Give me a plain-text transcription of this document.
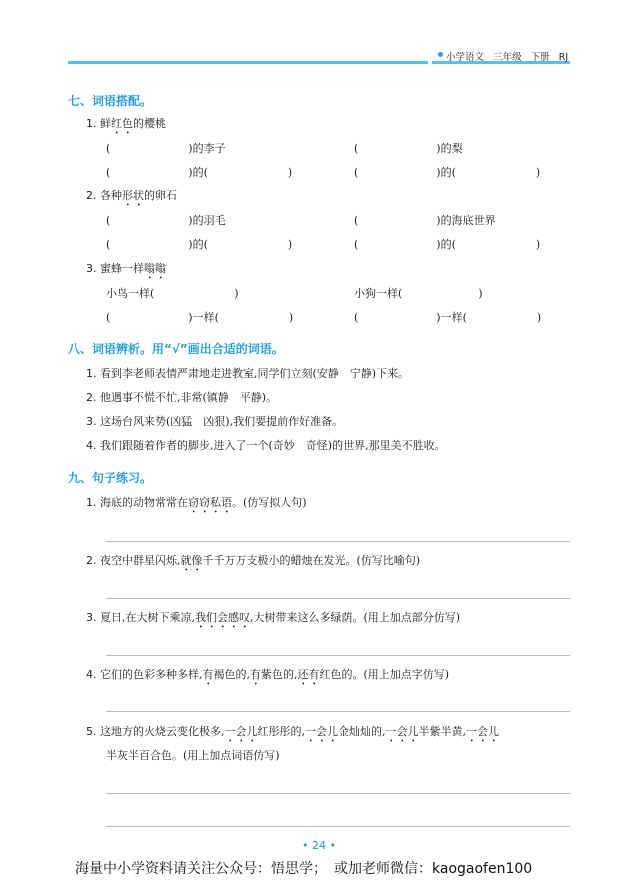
小学语文 三年级 下册 RJ
七、词语搭配。
1. 鲜红色的樱桃
(	)的李子	(	)的梨
(	)的(	)	(	)的(	)
2. 各种形状的卵石
(	)的羽毛	(	)的海底世界
(	)的(	)	(	)的(	)
3. 蜜蜂一样嗡嗡
小鸟一样(	)	小狗一样(	)
(	)一样(	)	(	)一样(	)
八、词语辨析。用“√”画出合适的词语。
1. 看到李老师表情严肃地走进教室,同学们立刻(安静　宁静)下来。
2. 他遇事不慌不忙,非常(镇静　平静)。
3. 这场台风来势(凶猛　凶狠),我们要提前作好准备。
4. 我们跟随着作者的脚步,进入了一个(奇妙　奇怪)的世界,那里美不胜收。
九、句子练习。
1. 海底的动物常常在窃窃私语。(仿写拟人句)
2. 夜空中群星闪烁,就像千千万万支极小的蜡烛在发光。(仿写比喻句)
3. 夏日,在大树下乘凉,我们会感叹,大树带来这么多绿荫。(用上加点部分仿写)
4. 它们的色彩多种多样,有褐色的,有紫色的,还有红色的。(用上加点字仿写)
5. 这地方的火烧云变化极多,一会儿红彤彤的,一会儿金灿灿的,一会儿半紫半黄,一会儿
半灰半百合色。(用上加点词语仿写)
• 24 •
海量中小学资料请关注公众号：悟思学；　或加老师微信：kaogaofen100
